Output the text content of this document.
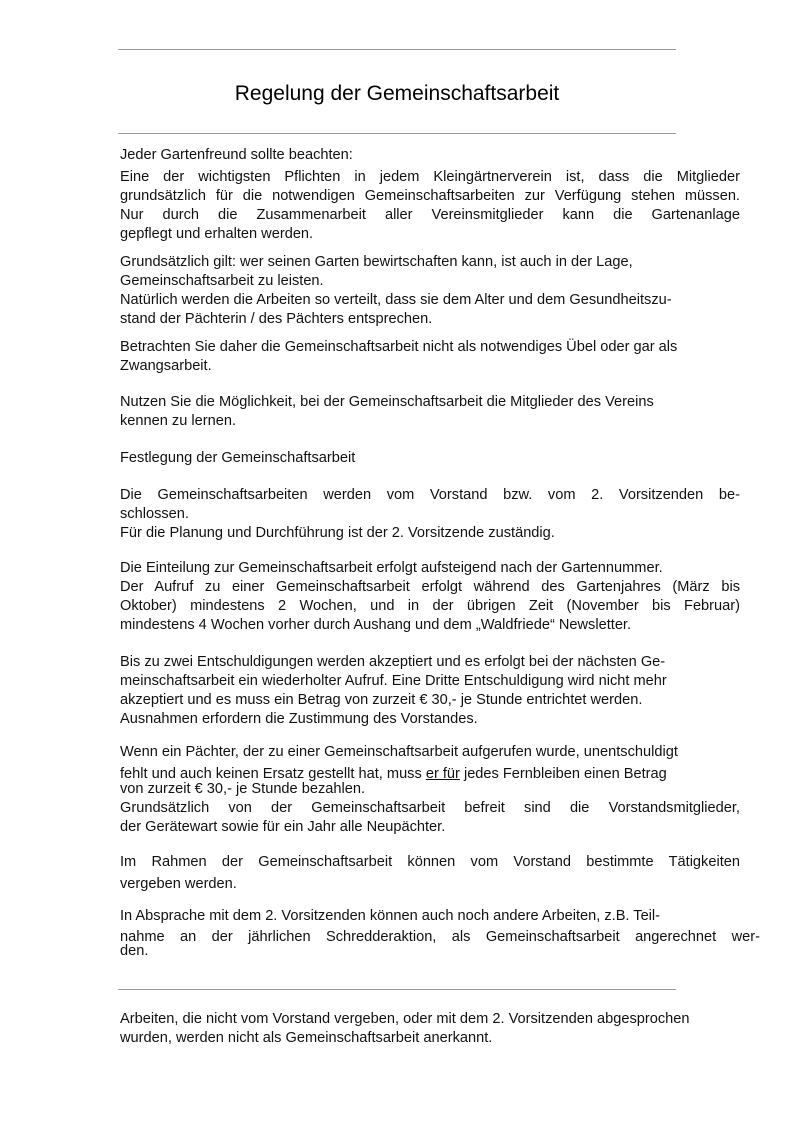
Regelung der Gemeinschaftsarbeit

Jeder Gartenfreund sollte beachten:

Eine der wichtigsten Pflichten in jedem Kleingärtnerverein ist, dass die Mitglieder
grundsätzlich für die notwendigen Gemeinschaftsarbeiten zur Verfügung stehen müssen.
Nur durch die Zusammenarbeit aller Vereinsmitglieder kann die Gartenanlage
gepflegt und erhalten werden.

Grundsätzlich gilt: wer seinen Garten bewirtschaften kann, ist auch in der Lage,
Gemeinschaftsarbeit zu leisten.
Natürlich werden die Arbeiten so verteilt, dass sie dem Alter und dem Gesundheitszu-
stand der Pächterin / des Pächters entsprechen.

Betrachten Sie daher die Gemeinschaftsarbeit nicht als notwendiges Übel oder gar als
Zwangsarbeit.

Nutzen Sie die Möglichkeit, bei der Gemeinschaftsarbeit die Mitglieder des Vereins
kennen zu lernen.

Festlegung der Gemeinschaftsarbeit

Die Gemeinschaftsarbeiten werden vom Vorstand bzw. vom 2. Vorsitzenden be-
schlossen.
Für die Planung und Durchführung ist der 2. Vorsitzende zuständig.

Die Einteilung zur Gemeinschaftsarbeit erfolgt aufsteigend nach der Gartennummer.
Der Aufruf zu einer Gemeinschaftsarbeit erfolgt während des Gartenjahres (März bis
Oktober) mindestens 2 Wochen, und in der übrigen Zeit (November bis Februar)
mindestens 4 Wochen vorher durch Aushang und dem „Waldfriede“ Newsletter.

Bis zu zwei Entschuldigungen werden akzeptiert und es erfolgt bei der nächsten Ge-
meinschaftsarbeit ein wiederholter Aufruf. Eine Dritte Entschuldigung wird nicht mehr
akzeptiert und es muss ein Betrag von zurzeit € 30,- je Stunde entrichtet werden.
Ausnahmen erfordern die Zustimmung des Vorstandes.

Wenn ein Pächter, der zu einer Gemeinschaftsarbeit aufgerufen wurde, unentschuldigt
fehlt und auch keinen Ersatz gestellt hat, muss er für jedes Fernbleiben einen Betrag
von zurzeit € 30,- je Stunde bezahlen.

Grundsätzlich von der Gemeinschaftsarbeit befreit sind die Vorstandsmitglieder,
der Gerätewart sowie für ein Jahr alle Neupächter.

Im Rahmen der Gemeinschaftsarbeit können vom Vorstand bestimmte Tätigkeiten
vergeben werden.

In Absprache mit dem 2. Vorsitzenden können auch noch andere Arbeiten, z.B. Teil-
nahme an der jährlichen Schredderaktion, als Gemeinschaftsarbeit angerechnet wer-
den.

Arbeiten, die nicht vom Vorstand vergeben, oder mit dem 2. Vorsitzenden abgesprochen
wurden, werden nicht als Gemeinschaftsarbeit anerkannt.
